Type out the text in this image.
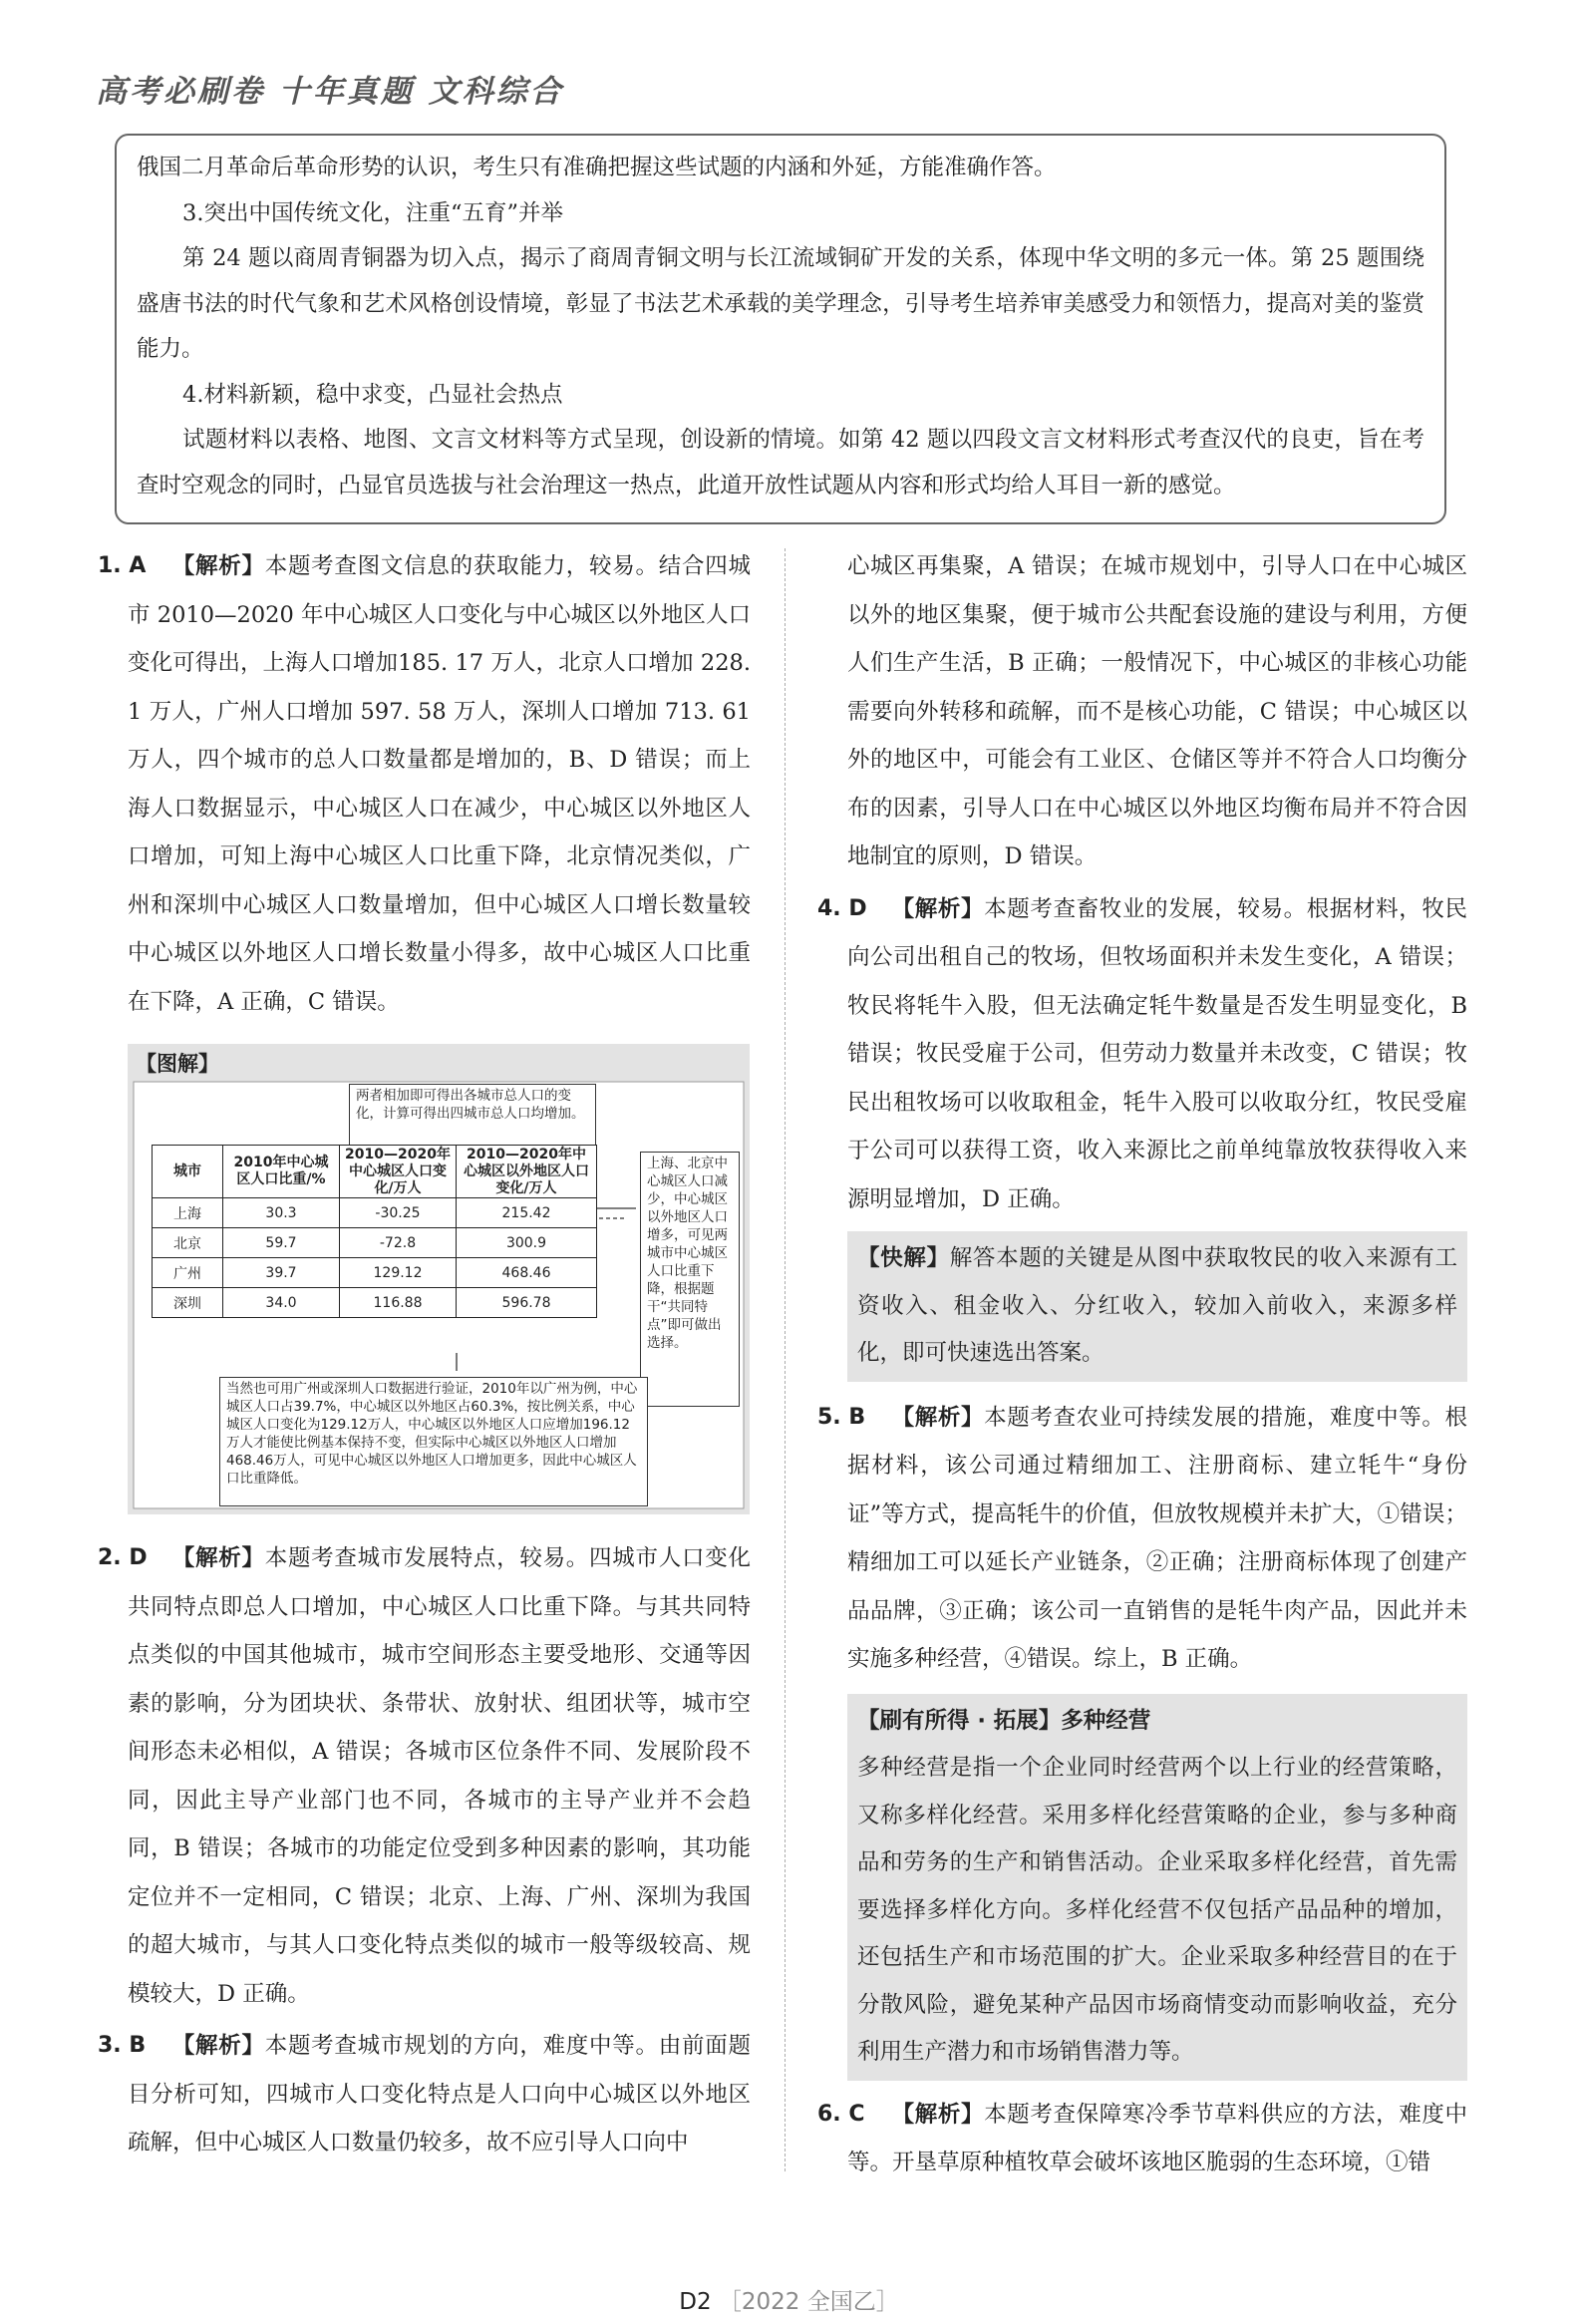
高考必刷卷 十年真题 文科综合

俄国二月革命后革命形势的认识，考生只有准确把握这些试题的内涵和外延，方能准确作答。

3.突出中国传统文化，注重“五育”并举

第 24 题以商周青铜器为切入点，揭示了商周青铜文明与长江流域铜矿开发的关系，体现中华文明的多元一体。第 25 题围绕盛唐书法的时代气象和艺术风格创设情境，彰显了书法艺术承载的美学理念，引导考生培养审美感受力和领悟力，提高对美的鉴赏能力。

4.材料新颖，稳中求变，凸显社会热点

试题材料以表格、地图、文言文材料等方式呈现，创设新的情境。如第 42 题以四段文言文材料形式考查汉代的良吏，旨在考查时空观念的同时，凸显官员选拔与社会治理这一热点，此道开放性试题从内容和形式均给人耳目一新的感觉。

1. A 【解析】本题考查图文信息的获取能力，较易。结合四城市 2010—2020 年中心城区人口变化与中心城区以外地区人口变化可得出，上海人口增加185. 17 万人，北京人口增加 228. 1 万人，广州人口增加 597. 58 万人，深圳人口增加 713. 61万人，四个城市的总人口数量都是增加的，B、D 错误；而上海人口数据显示，中心城区人口在减少，中心城区以外地区人口增加，可知上海中心城区人口比重下降，北京情况类似，广州和深圳中心城区人口数量增加，但中心城区人口增长数量较中心城区以外地区人口增长数量小得多，故中心城区人口比重在下降，A 正确，C 错误。
【图解】
两者相加即可得出各城市总人口的变化，计算可得出四城市总人口均增加。
上海、北京中心城区人口减少，中心城区以外地区人口增多，可见两城市中心城区人口比重下降，根据题干“共同特点”即可做出选择。
城市	2010年中心城区人口比重/%	2010—2020年中心城区人口变化/万人	2010—2020年中心城区以外地区人口变化/万人
上海	30.3	-30.25	215.42
北京	59.7	-72.8	300.9
广州	39.7	129.12	468.46
深圳	34.0	116.88	596.78
当然也可用广州或深圳人口数据进行验证，2010年以广州为例，中心城区人口占39.7%，中心城区以外地区占60.3%，按比例关系，中心城区人口变化为129.12万人，中心城区以外地区人口应增加196.12万人才能使比例基本保持不变，但实际中心城区以外地区人口增加468.46万人，可见中心城区以外地区人口增加更多，因此中心城区人口比重降低。
2. D 【解析】本题考查城市发展特点，较易。四城市人口变化共同特点即总人口增加，中心城区人口比重下降。与其共同特点类似的中国其他城市，城市空间形态主要受地形、交通等因素的影响，分为团块状、条带状、放射状、组团状等，城市空间形态未必相似，A 错误；各城市区位条件不同、发展阶段不同，因此主导产业部门也不同，各城市的主导产业并不会趋同，B 错误；各城市的功能定位受到多种因素的影响，其功能定位并不一定相同，C 错误；北京、上海、广州、深圳为我国的超大城市，与其人口变化特点类似的城市一般等级较高、规模较大，D 正确。
3. B 【解析】本题考查城市规划的方向，难度中等。由前面题目分析可知，四城市人口变化特点是人口向中心城区以外地区疏解，但中心城区人口数量仍较多，故不应引导人口向中
心城区再集聚，A 错误；在城市规划中，引导人口在中心城区以外的地区集聚，便于城市公共配套设施的建设与利用，方便人们生产生活，B 正确；一般情况下，中心城区的非核心功能需要向外转移和疏解，而不是核心功能，C 错误；中心城区以外的地区中，可能会有工业区、仓储区等并不符合人口均衡分布的因素，引导人口在中心城区以外地区均衡布局并不符合因地制宜的原则，D 错误。
4. D 【解析】本题考查畜牧业的发展，较易。根据材料，牧民向公司出租自己的牧场，但牧场面积并未发生变化，A 错误；牧民将牦牛入股，但无法确定牦牛数量是否发生明显变化，B 错误；牧民受雇于公司，但劳动力数量并未改变，C 错误；牧民出租牧场可以收取租金，牦牛入股可以收取分红，牧民受雇于公司可以获得工资，收入来源比之前单纯靠放牧获得收入来源明显增加，D 正确。
【快解】解答本题的关键是从图中获取牧民的收入来源有工资收入、租金收入、分红收入，较加入前收入，来源多样化，即可快速选出答案。
5. B 【解析】本题考查农业可持续发展的措施，难度中等。根据材料，该公司通过精细加工、注册商标、建立牦牛“身份证”等方式，提高牦牛的价值，但放牧规模并未扩大，①错误；精细加工可以延长产业链条，②正确；注册商标体现了创建产品品牌，③正确；该公司一直销售的是牦牛肉产品，因此并未实施多种经营，④错误。综上，B 正确。
【刷有所得 · 拓展】多种经营
多种经营是指一个企业同时经营两个以上行业的经营策略，又称多样化经营。采用多样化经营策略的企业，参与多种商品和劳务的生产和销售活动。企业采取多样化经营，首先需要选择多样化方向。多样化经营不仅包括产品品种的增加，还包括生产和市场范围的扩大。企业采取多种经营目的在于分散风险，避免某种产品因市场商情变动而影响收益，充分利用生产潜力和市场销售潜力等。
6. C 【解析】本题考查保障寒冷季节草料供应的方法，难度中等。开垦草原种植牧草会破坏该地区脆弱的生态环境，①错
D2 ［2022 全国乙］
